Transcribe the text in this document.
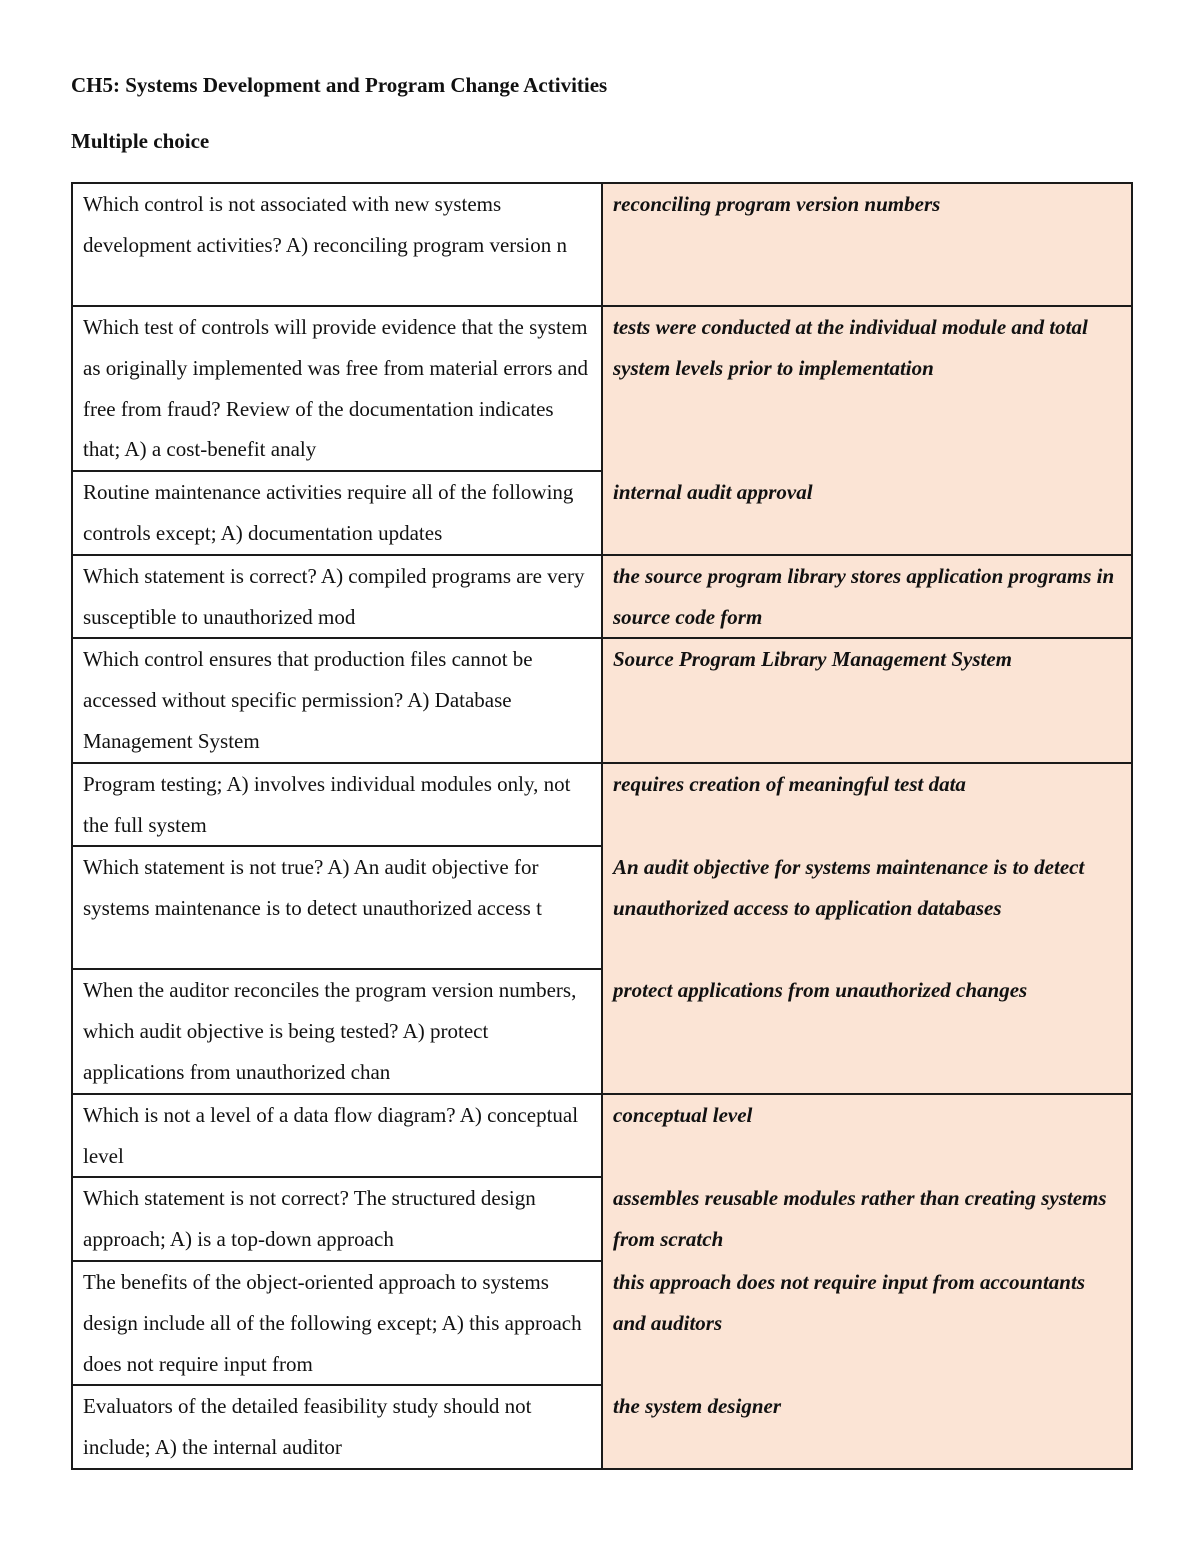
CH5: Systems Development and Program Change Activities
Multiple choice
Which control is not associated with new systems development activities? A) reconciling program version n	reconciling program version numbers

Which test of controls will provide evidence that the system as originally implemented was free from material errors and free from fraud? Review of the documentation indicates that; A) a cost-benefit analy	tests were conducted at the individual module and total system levels prior to implementation

Routine maintenance activities require all of the following controls except; A) documentation updates	internal audit approval

Which statement is correct? A) compiled programs are very susceptible to unauthorized mod	the source program library stores application programs in source code form

Which control ensures that production files cannot be accessed without specific permission? A) Database Management System	Source Program Library Management System

Program testing; A) involves individual modules only, not the full system	requires creation of meaningful test data

Which statement is not true? A) An audit objective for systems maintenance is to detect unauthorized access t	An audit objective for systems maintenance is to detect unauthorized access to application databases

When the auditor reconciles the program version numbers, which audit objective is being tested? A) protect applications from unauthorized chan	protect applications from unauthorized changes

Which is not a level of a data flow diagram? A) conceptual level	conceptual level

Which statement is not correct? The structured design approach; A) is a top-down approach	assembles reusable modules rather than creating systems from scratch

The benefits of the object-oriented approach to systems design include all of the following except; A) this approach does not require input from	this approach does not require input from accountants and auditors

Evaluators of the detailed feasibility study should not include; A) the internal auditor	the system designer
